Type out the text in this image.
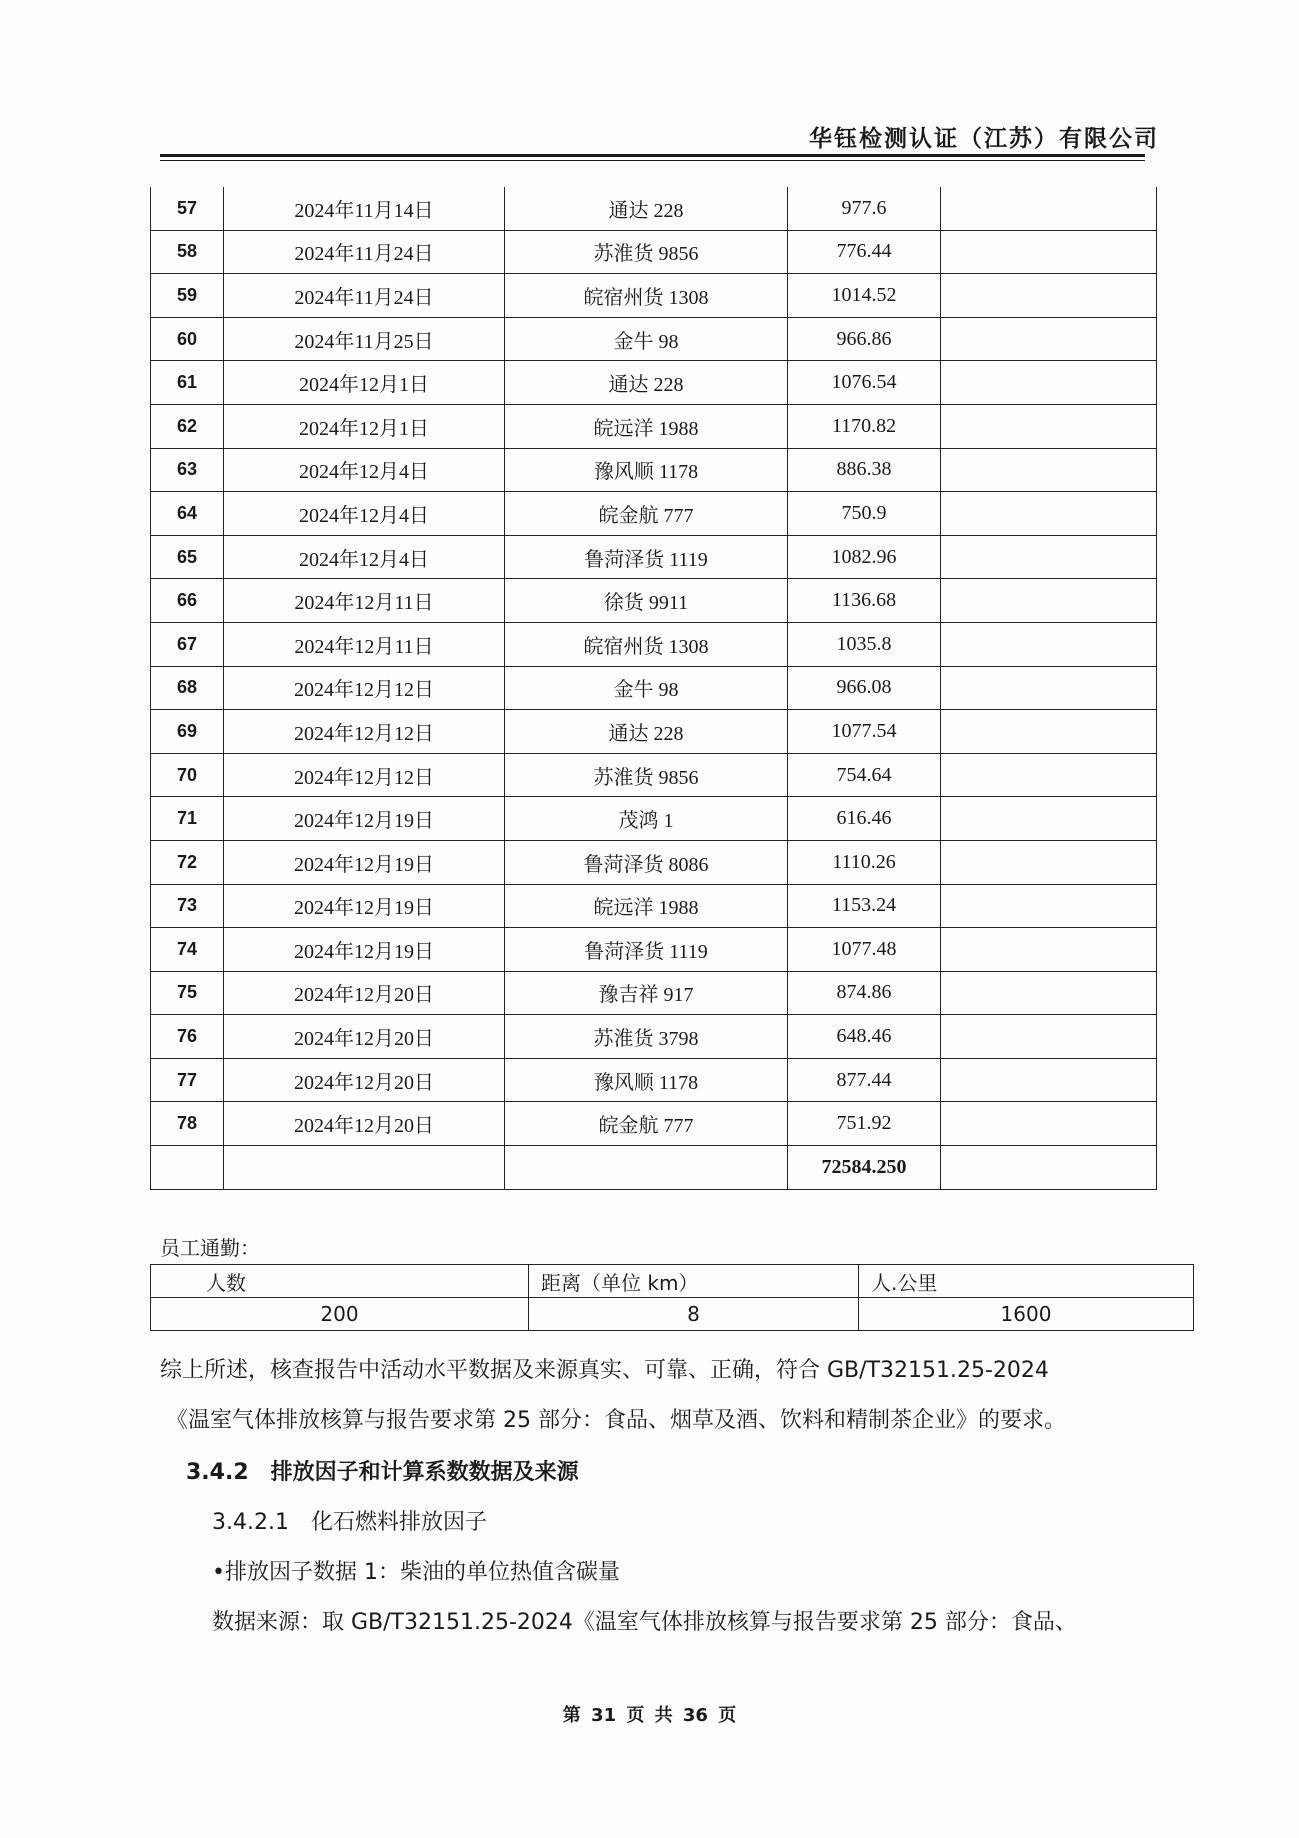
华钰检测认证（江苏）有限公司
57	2024年11月14日	通达 228	977.6	
58	2024年11月24日	苏淮货 9856	776.44	
59	2024年11月24日	皖宿州货 1308	1014.52	
60	2024年11月25日	金牛 98	966.86	
61	2024年12月1日	通达 228	1076.54	
62	2024年12月1日	皖远洋 1988	1170.82	
63	2024年12月4日	豫风顺 1178	886.38	
64	2024年12月4日	皖金航 777	750.9	
65	2024年12月4日	鲁菏泽货 1119	1082.96	
66	2024年12月11日	徐货 9911	1136.68	
67	2024年12月11日	皖宿州货 1308	1035.8	
68	2024年12月12日	金牛 98	966.08	
69	2024年12月12日	通达 228	1077.54	
70	2024年12月12日	苏淮货 9856	754.64	
71	2024年12月19日	茂鸿 1	616.46	
72	2024年12月19日	鲁菏泽货 8086	1110.26	
73	2024年12月19日	皖远洋 1988	1153.24	
74	2024年12月19日	鲁菏泽货 1119	1077.48	
75	2024年12月20日	豫吉祥 917	874.86	
76	2024年12月20日	苏淮货 3798	648.46	
77	2024年12月20日	豫风顺 1178	877.44	
78	2024年12月20日	皖金航 777	751.92	
			72584.250	
员工通勤：
人数	距离（单位 km）	人.公里
200	8	1600
综上所述，核查报告中活动水平数据及来源真实、可靠、正确，符合 GB/T32151.25-2024
《温室气体排放核算与报告要求第 25 部分：食品、烟草及酒、饮料和精制茶企业》的要求。
3.4.2　排放因子和计算系数数据及来源
3.4.2.1　化石燃料排放因子
•排放因子数据 1：柴油的单位热值含碳量
数据来源：取 GB/T32151.25-2024《温室气体排放核算与报告要求第 25 部分：食品、
第 31 页 共 36 页
